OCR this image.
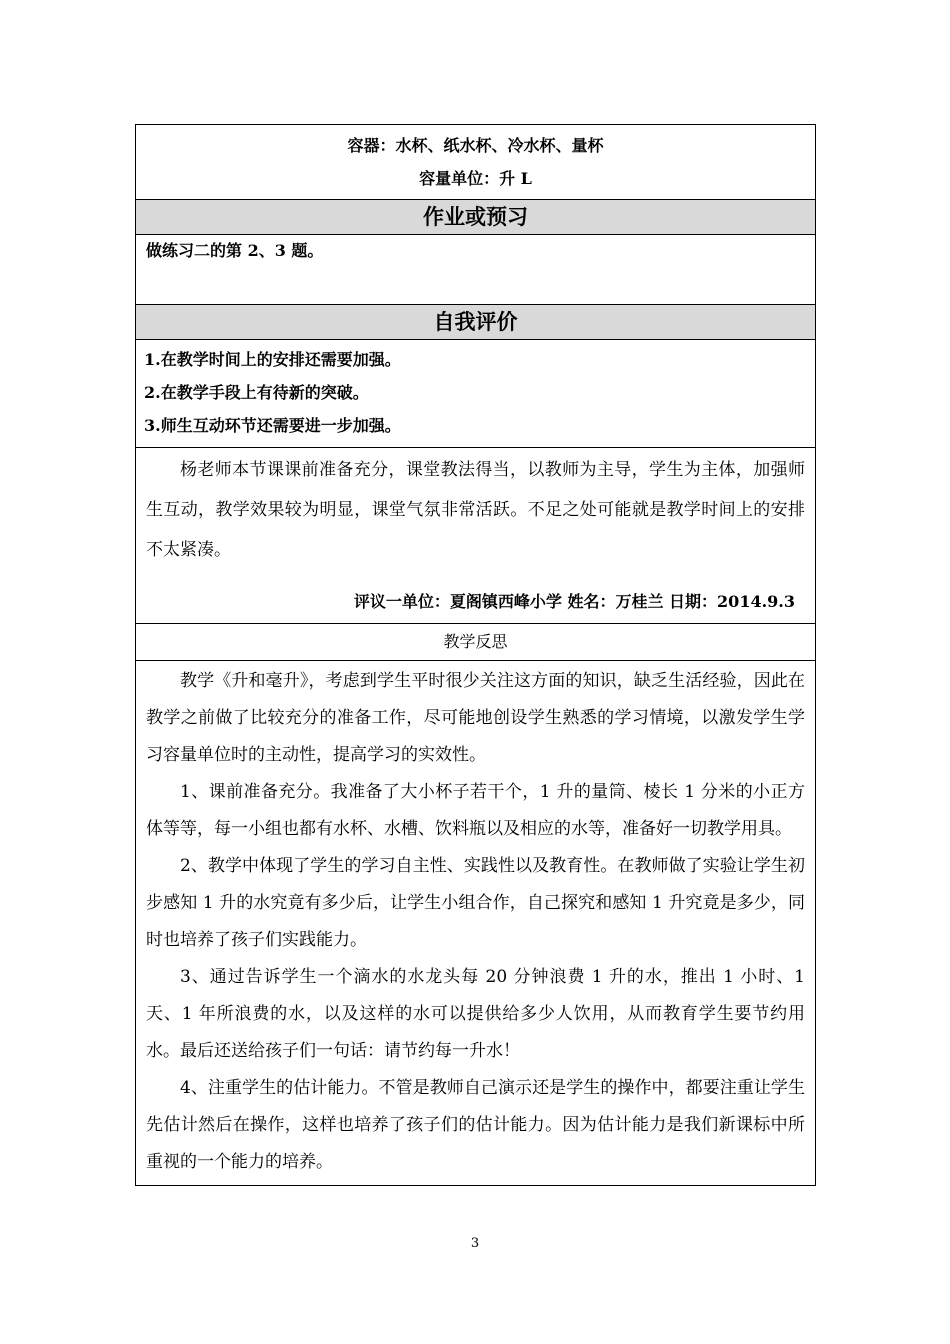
容器：水杯、纸水杯、冷水杯、量杯
容量单位：升 L
作业或预习
做练习二的第 2、3 题。
自我评价
1.在教学时间上的安排还需要加强。
2.在教学手段上有待新的突破。
3.师生互动环节还需要进一步加强。

杨老师本节课课前准备充分，课堂教法得当，以教师为主导，学生为主体，加强师生互动，教学效果较为明显，课堂气氛非常活跃。不足之处可能就是教学时间上的安排不太紧凑。

评议一单位：夏阁镇西峰小学 姓名：万桂兰 日期：2014.9.3
教学反思

教学《升和毫升》，考虑到学生平时很少关注这方面的知识，缺乏生活经验，因此在教学之前做了比较充分的准备工作，尽可能地创设学生熟悉的学习情境，以激发学生学习容量单位时的主动性，提高学习的实效性。

1、课前准备充分。我准备了大小杯子若干个，1 升的量筒、棱长 1 分米的小正方体等等，每一小组也都有水杯、水槽、饮料瓶以及相应的水等，准备好一切教学用具。

2、教学中体现了学生的学习自主性、实践性以及教育性。在教师做了实验让学生初步感知 1 升的水究竟有多少后，让学生小组合作，自己探究和感知 1 升究竟是多少，同时也培养了孩子们实践能力。

3、通过告诉学生一个滴水的水龙头每 20 分钟浪费 1 升的水，推出 1 小时、1 天、1 年所浪费的水，以及这样的水可以提供给多少人饮用，从而教育学生要节约用水。最后还送给孩子们一句话：请节约每一升水！

4、注重学生的估计能力。不管是教师自己演示还是学生的操作中，都要注重让学生先估计然后在操作，这样也培养了孩子们的估计能力。因为估计能力是我们新课标中所重视的一个能力的培养。

3
